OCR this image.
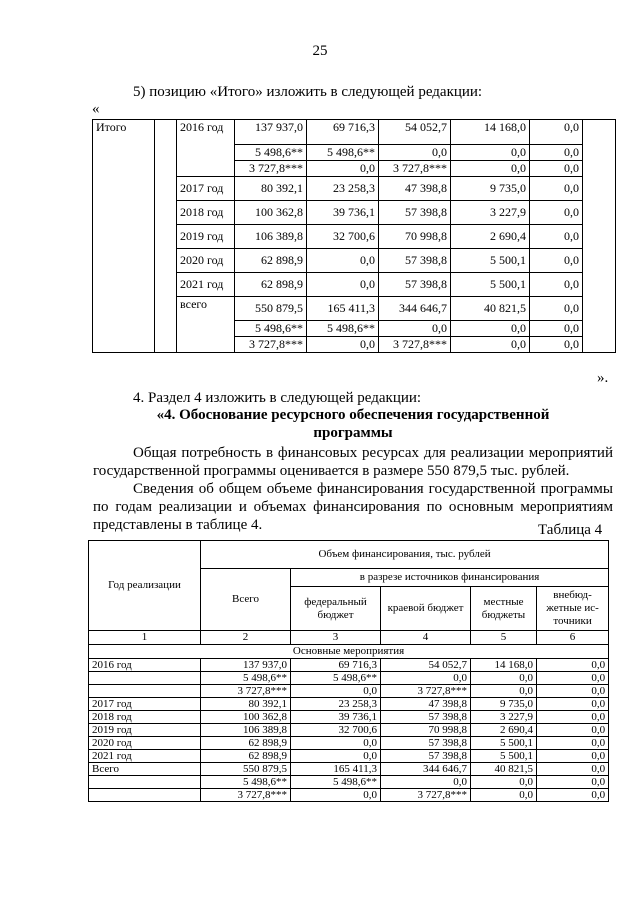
25
5) позицию «Итого» изложить в следующей редакции:
«
Итого		2016 год	137 937,0	69 716,3	54 052,7	14 168,0	0,0	
			5 498,6**	5 498,6**	0,0	0,0	0,0	
			3 727,8***	0,0	3 727,8***	0,0	0,0	
		2017 год	80 392,1	23 258,3	47 398,8	9 735,0	0,0	
		2018 год	100 362,8	39 736,1	57 398,8	3 227,9	0,0	
		2019 год	106 389,8	32 700,6	70 998,8	2 690,4	0,0	
		2020 год	62 898,9	0,0	57 398,8	5 500,1	0,0	
		2021 год	62 898,9	0,0	57 398,8	5 500,1	0,0	
		всего	550 879,5	165 411,3	344 646,7	40 821,5	0,0	
			5 498,6**	5 498,6**	0,0	0,0	0,0	
			3 727,8***	0,0	3 727,8***	0,0	0,0	
».
4. Раздел 4 изложить в следующей редакции:
«4. Обоснование ресурсного обеспечения государственной
программы
Общая потребность в финансовых ресурсах для реализации мероприятий
государственной программы оценивается в размере 550 879,5 тыс. рублей.
Сведения об общем объеме финансирования государственной программы
по годам реализации и объемах финансирования по основным мероприятиям
представлены в таблице 4.	Таблица 4
Год реализации	Объем финансирования, тыс. рублей				
	Всего	в разрезе источников финансирования			
		федеральный бюджет	краевой бюджет	местные бюджеты	внебюд-жетные ис-точники
1	2	3	4	5	6
Основные мероприятия					
2016 год	137 937,0	69 716,3	54 052,7	14 168,0	0,0
	5 498,6**	5 498,6**	0,0	0,0	0,0
	3 727,8***	0,0	3 727,8***	0,0	0,0
2017 год	80 392,1	23 258,3	47 398,8	9 735,0	0,0
2018 год	100 362,8	39 736,1	57 398,8	3 227,9	0,0
2019 год	106 389,8	32 700,6	70 998,8	2 690,4	0,0
2020 год	62 898,9	0,0	57 398,8	5 500,1	0,0
2021 год	62 898,9	0,0	57 398,8	5 500,1	0,0
Всего	550 879,5	165 411,3	344 646,7	40 821,5	0,0
	5 498,6**	5 498,6**	0,0	0,0	0,0
	3 727,8***	0,0	3 727,8***	0,0	0,0
